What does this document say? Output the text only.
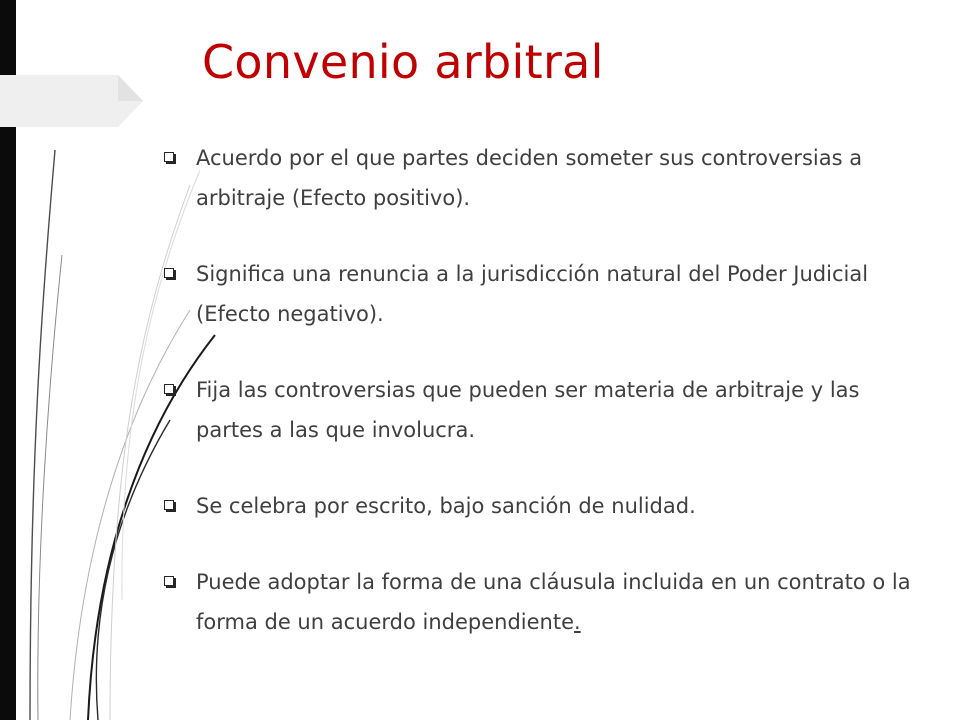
Convenio arbitral
Acuerdo por el que partes deciden someter sus controversias a arbitraje (Efecto positivo).
Significa una renuncia a la jurisdicción natural del Poder Judicial (Efecto negativo).
Fija las controversias que pueden ser materia de arbitraje y las partes a las que involucra.
Se celebra por escrito, bajo sanción de nulidad.
Puede adoptar la forma de una cláusula incluida en un contrato o la forma de un acuerdo independiente.
